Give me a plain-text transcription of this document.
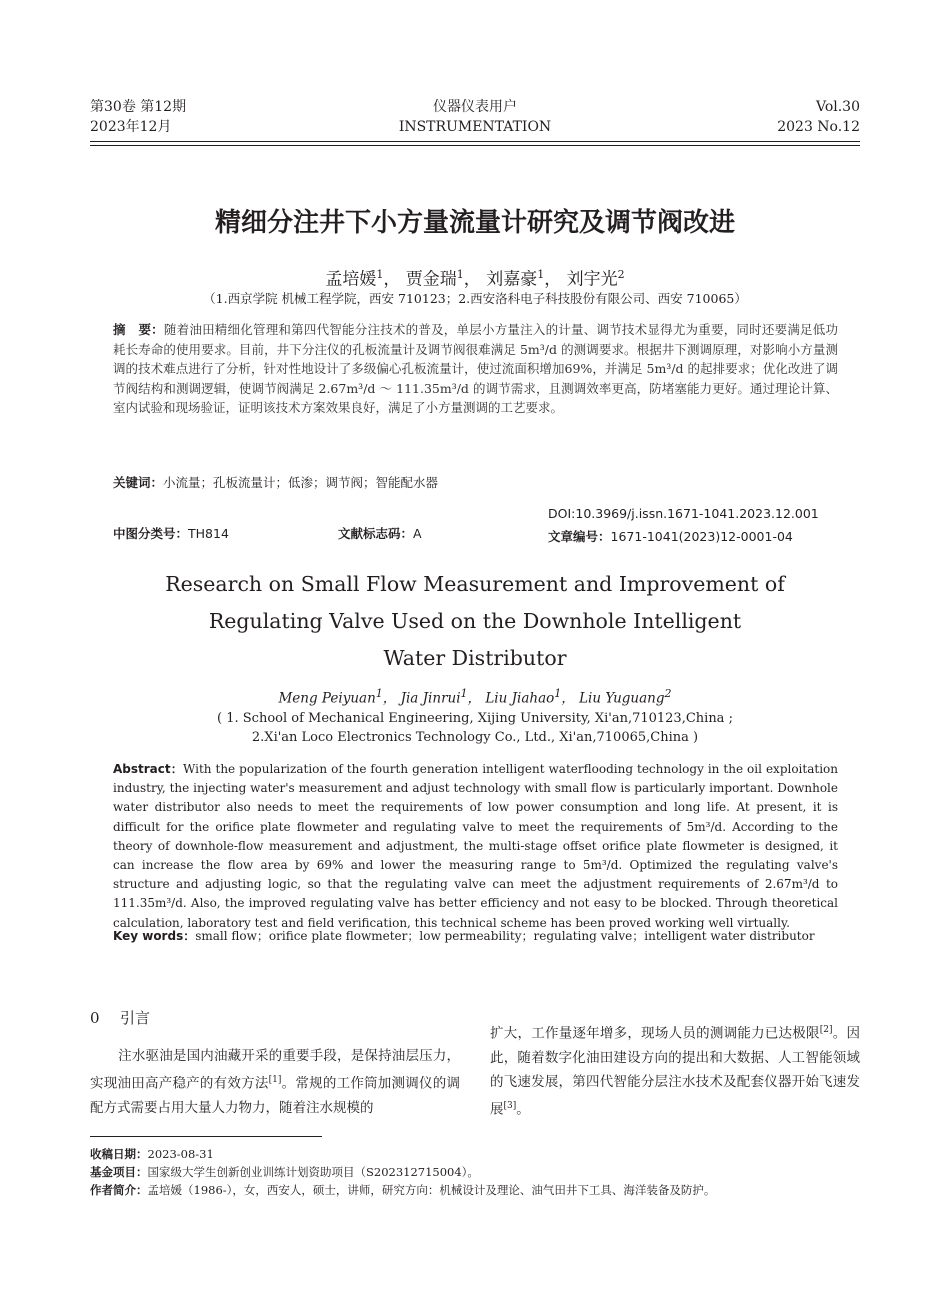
第30卷 第12期
2023年12月
仪器仪表用户
INSTRUMENTATION
Vol.30
2023 No.12
精细分注井下小方量流量计研究及调节阀改进
孟培媛$^1$， 贾金瑞$^1$， 刘嘉豪$^1$， 刘宇光$^2$
（1.西京学院 机械工程学院，西安 710123；2.西安洛科电子科技股份有限公司、西安 710065）
摘　要：随着油田精细化管理和第四代智能分注技术的普及，单层小方量注入的计量、调节技术显得尤为重要，同时还要满足低功耗长寿命的使用要求。目前，井下分注仪的孔板流量计及调节阀很难满足 5m³/d 的测调要求。根据井下测调原理，对影响小方量测调的技术难点进行了分析，针对性地设计了多级偏心孔板流量计，使过流面积增加69%，并满足 5m³/d 的起排要求；优化改进了调节阀结构和测调逻辑，使调节阀满足 2.67m³/d ～ 111.35m³/d 的调节需求，且测调效率更高，防堵塞能力更好。通过理论计算、室内试验和现场验证，证明该技术方案效果良好，满足了小方量测调的工艺要求。
关键词：小流量；孔板流量计；低渗；调节阀；智能配水器
DOI:10.3969/j.issn.1671-1041.2023.12.001
中图分类号：TH814	文献标志码：A	文章编号：1671-1041(2023)12-0001-04
Research on Small Flow Measurement and Improvement of
Regulating Valve Used on the Downhole Intelligent
Water Distributor
Meng Peiyuan$^1$， Jia Jinrui$^1$， Liu Jiahao$^1$， Liu Yuguang$^2$
( 1. School of Mechanical Engineering, Xijing University, Xi'an,710123,China ;
2.Xi'an Loco Electronics Technology Co., Ltd., Xi'an,710065,China )
Abstract：With the popularization of the fourth generation intelligent waterflooding technology in the oil exploitation industry, the injecting water's measurement and adjust technology with small flow is particularly important. Downhole water distributor also needs to meet the requirements of low power consumption and long life. At present, it is difficult for the orifice plate flowmeter and regulating valve to meet the requirements of 5m³/d. According to the theory of downhole-flow measurement and adjustment, the multi-stage offset orifice plate flowmeter is designed, it can increase the flow area by 69% and lower the measuring range to 5m³/d. Optimized the regulating valve's structure and adjusting logic, so that the regulating valve can meet the adjustment requirements of 2.67m³/d to 111.35m³/d. Also, the improved regulating valve has better efficiency and not easy to be blocked. Through theoretical calculation, laboratory test and field verification, this technical scheme has been proved working well virtually.
Key words：small flow；orifice plate flowmeter；low permeability；regulating valve；intelligent water distributor
0 引言
注水驱油是国内油藏开采的重要手段，是保持油层压力，实现油田高产稳产的有效方法[1]。常规的工作筒加测调仪的调配方式需要占用大量人力物力，随着注水规模的
扩大，工作量逐年增多，现场人员的测调能力已达极限[2]。因此，随着数字化油田建设方向的提出和大数据、人工智能领域的飞速发展，第四代智能分层注水技术及配套仪器开始飞速发展[3]。
收稿日期：2023-08-31
基金项目：国家级大学生创新创业训练计划资助项目（S202312715004）。
作者简介：孟培媛（1986-），女，西安人，硕士，讲师，研究方向：机械设计及理论、油气田井下工具、海洋装备及防护。
